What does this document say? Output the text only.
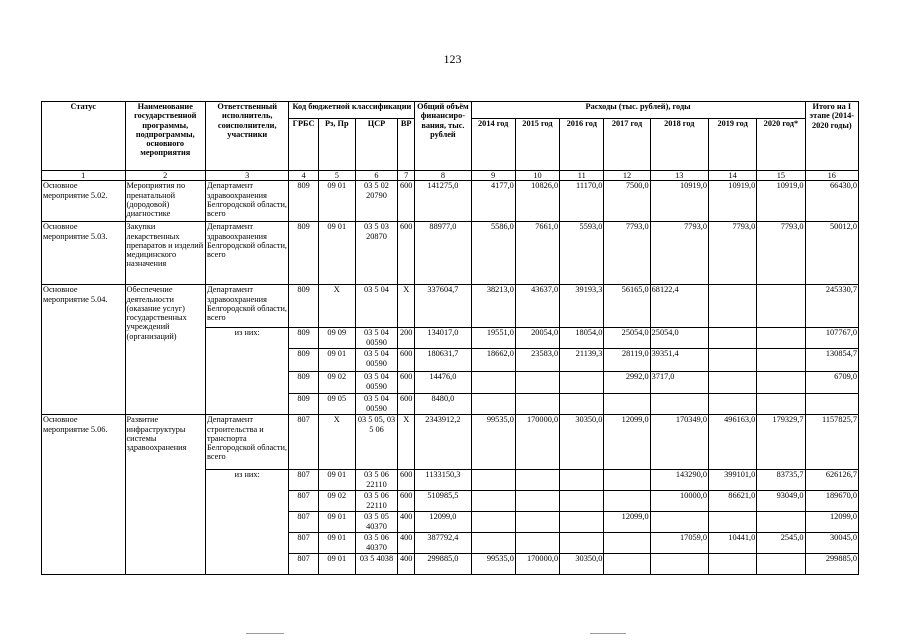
123
Статус	Наименование государственной программы, подпрограммы, основного мероприятия	Ответственный исполнитель, соисполнители, участники	Код бюджетной классификации				Общий объём финансиро-вания, тыс. рублей	Расходы (тыс. рублей), годы							Итого на I этапе (2014-2020 годы)
			ГРБС	Рз, Пр	ЦСР	ВР		2014 год	2015 год	2016 год	2017 год	2018 год	2019 год	2020 год*	
1	2	3	4	5	6	7	8	9	10	11	12	13	14	15	16
Основное мероприятие 5.02.	Мероприятия по пренатальной (дородовой) диагностике	Департамент здравоохранения Белгородской области, всего	809	09 01	03 5 02 20790	600	141275,0	4177,0	10826,0	11170,0	7500,0	10919,0	10919,0	10919,0	66430,0
Основное мероприятие 5.03.	Закупки лекарственных препаратов и изделий медицинского назначения	Департамент здравоохранения Белгородской области, всего	809	09 01	03 5 03 20870	600	88977,0	5586,0	7661,0	5593,0	7793,0	7793,0	7793,0	7793,0	50012,0
Основное мероприятие 5.04.	Обеспечение деятельности (оказание услуг) государственных учреждений (организаций)	Департамент здравоохранения Белгородской области, всего	809	X	03 5 04	X	337604,7	38213,0	43637,0	39193,3	56165,0	68122,4			245330,7
		из них:	809	09 09	03 5 04 00590	200	134017,0	19551,0	20054,0	18054,0	25054,0	25054,0			107767,0
			809	09 01	03 5 04 00590	600	180631,7	18662,0	23583,0	21139,3	28119,0	39351,4			130854,7
			809	09 02	03 5 04 00590	600	14476,0				2992,0	3717,0			6709,0
			809	09 05	03 5 04 00590	600	8480,0								
Основное мероприятие 5.06.	Развитие инфраструктуры системы здравоохранения	Департамент строительства и транспорта Белгородской области, всего	807	X	03 5 05, 03 5 06	X	2343912,2	99535,0	170000,0	30350,0	12099,0	170349,0	496163,0	179329,7	1157825,7
		из них:	807	09 01	03 5 06 22110	600	1133150,3					143290,0	399101,0	83735,7	626126,7
			807	09 02	03 5 06 22110	600	510985,5					10000,0	86621,0	93049,0	189670,0
			807	09 01	03 5 05 40370	400	12099,0				12099,0				12099,0
			807	09 01	03 5 06 40370	400	387792,4					17059,0	10441,0	2545,0	30045,0
			807	09 01	03 5 4038	400	299885,0	99535,0	170000,0	30350,0					299885,0
